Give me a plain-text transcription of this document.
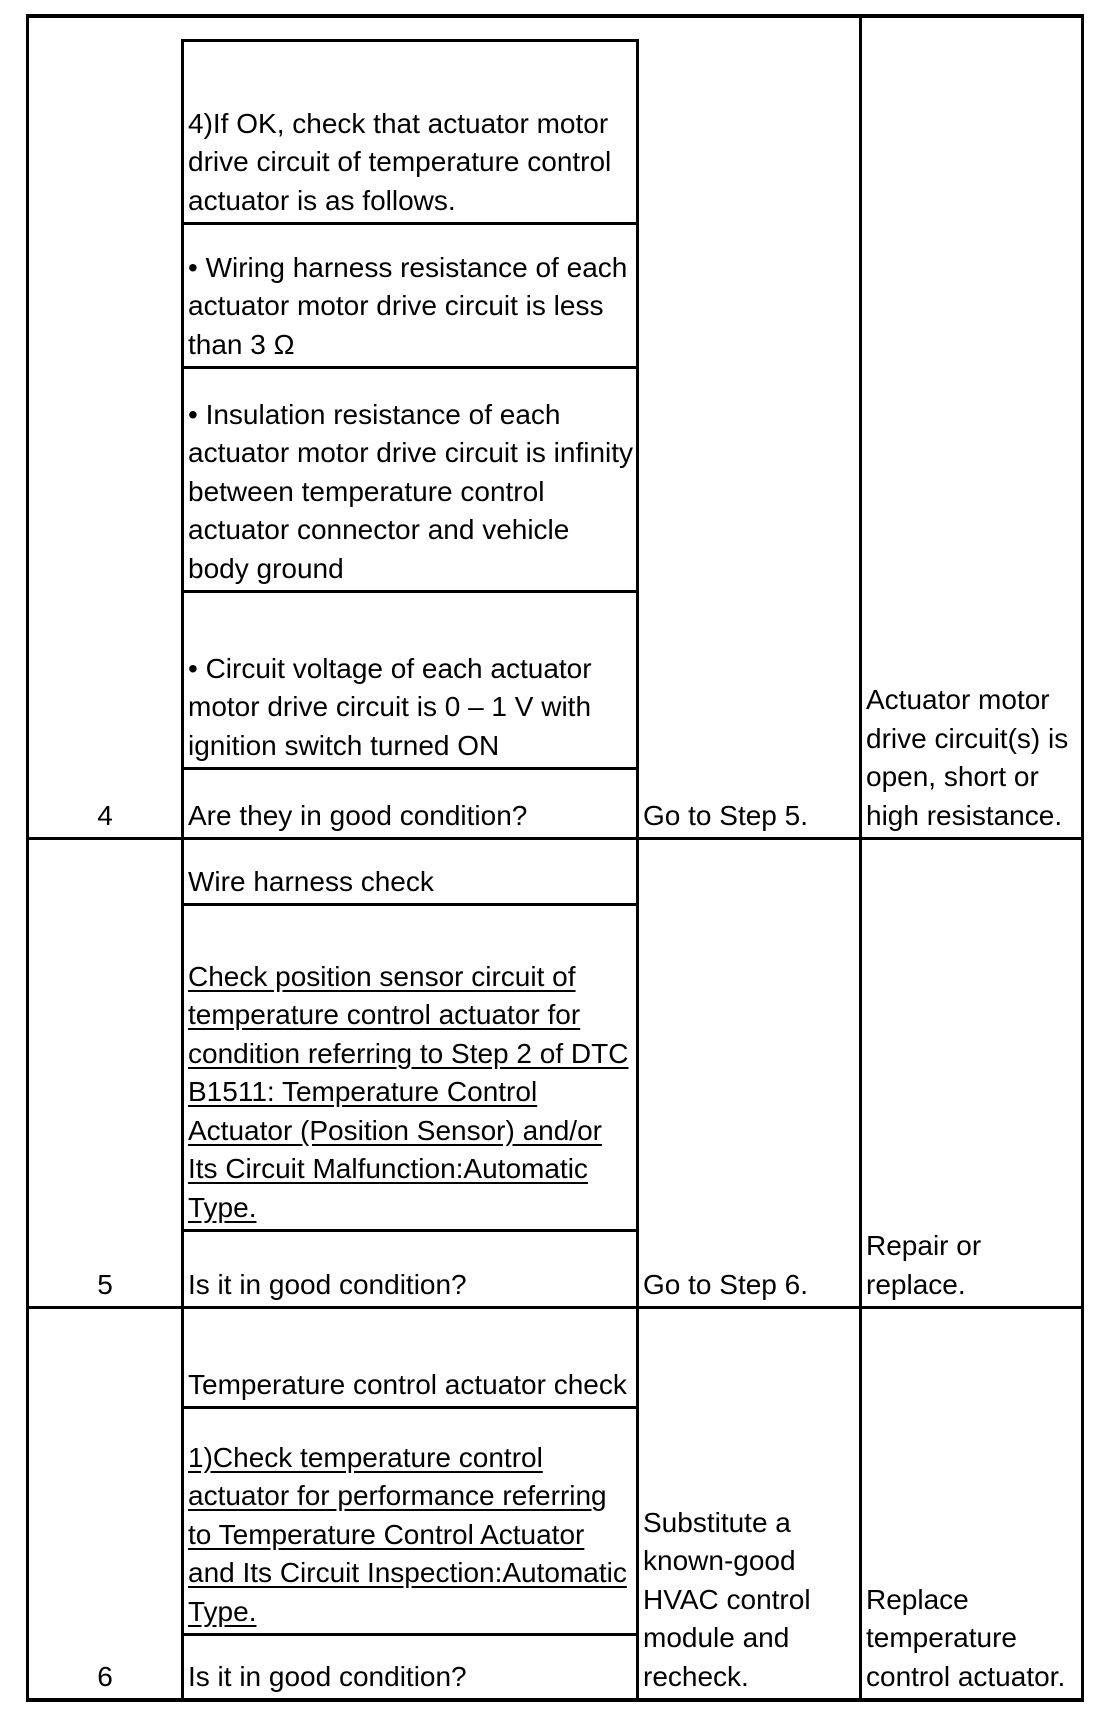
4
4)If OK, check that actuator motor drive circuit of temperature control actuator is as follows.
• Wiring harness resistance of each actuator motor drive circuit is less than 3 Ω
• Insulation resistance of each actuator motor drive circuit is infinity between temperature control actuator connector and vehicle body ground
• Circuit voltage of each actuator motor drive circuit is 0 – 1 V with ignition switch turned ON
Are they in good condition?	Go to Step 5.
Actuator motor drive circuit(s) is open, short or high resistance.
5
Wire harness check
Check position sensor circuit of temperature control actuator for condition referring to Step 2 of DTC B1511: Temperature Control Actuator (Position Sensor) and/or Its Circuit Malfunction:Automatic Type.
Is it in good condition?	Go to Step 6.
Repair or replace.
6
Temperature control actuator check
1)Check temperature control actuator for performance referring to Temperature Control Actuator and Its Circuit Inspection:Automatic Type.
Is it in good condition?
Substitute a known-good HVAC control module and recheck.
Replace temperature control actuator.
